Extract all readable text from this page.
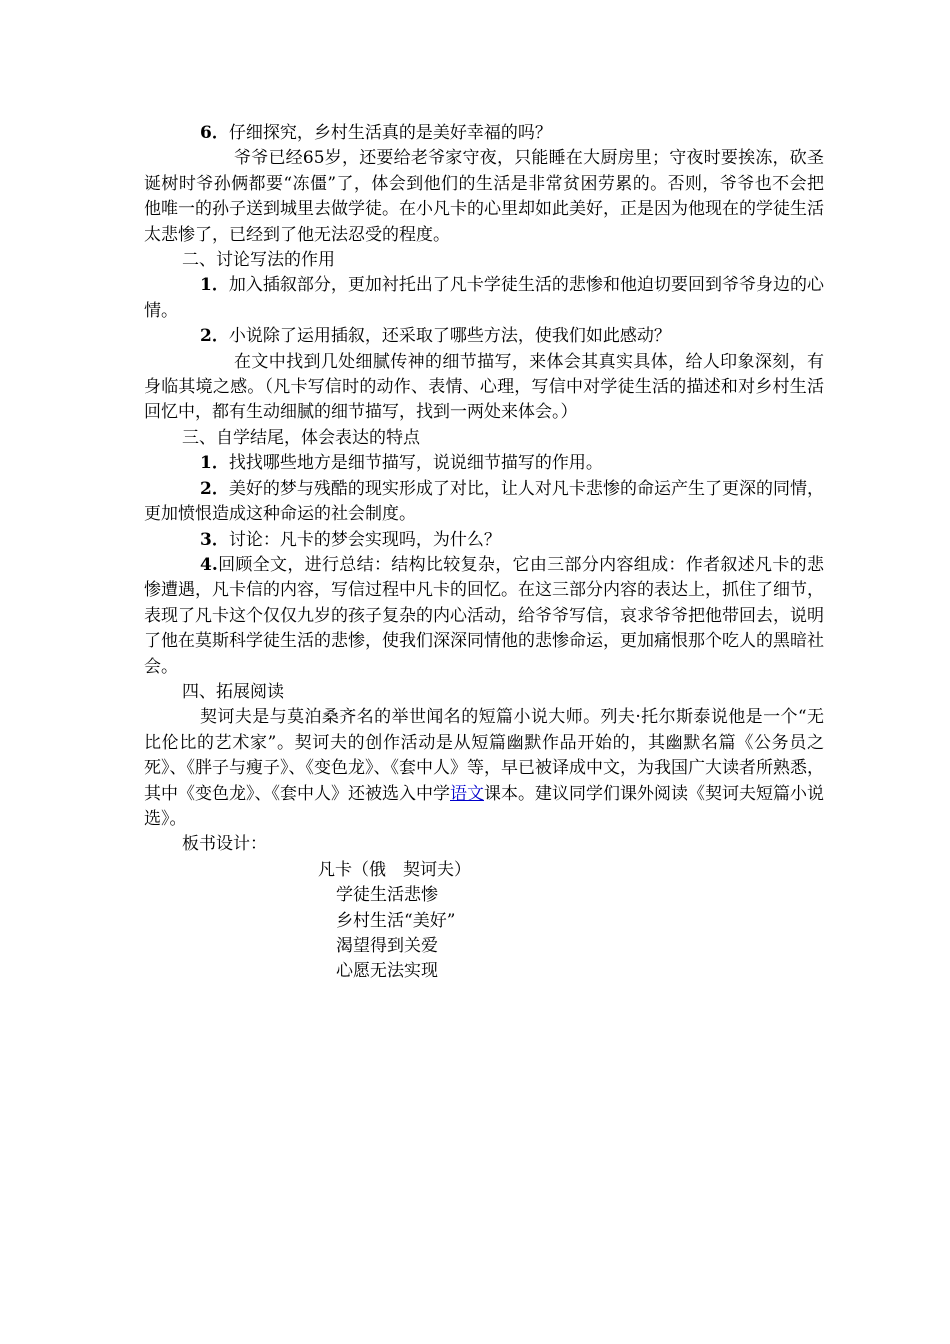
6．仔细探究，乡村生活真的是美好幸福的吗？

爷爷已经65岁，还要给老爷家守夜，只能睡在大厨房里；守夜时要挨冻，砍圣诞树时爷孙俩都要“冻僵”了，体会到他们的生活是非常贫困劳累的。否则，爷爷也不会把他唯一的孙子送到城里去做学徒。在小凡卡的心里却如此美好，正是因为他现在的学徒生活太悲惨了，已经到了他无法忍受的程度。

二、讨论写法的作用

1．加入插叙部分，更加衬托出了凡卡学徒生活的悲惨和他迫切要回到爷爷身边的心情。

2．小说除了运用插叙，还采取了哪些方法，使我们如此感动？

在文中找到几处细腻传神的细节描写，来体会其真实具体，给人印象深刻，有身临其境之感。（凡卡写信时的动作、表情、心理，写信中对学徒生活的描述和对乡村生活回忆中，都有生动细腻的细节描写，找到一两处来体会。）

三、自学结尾，体会表达的特点

1．找找哪些地方是细节描写，说说细节描写的作用。

2．美好的梦与残酷的现实形成了对比，让人对凡卡悲惨的命运产生了更深的同情，更加愤恨造成这种命运的社会制度。

3．讨论：凡卡的梦会实现吗，为什么？

4.回顾全文，进行总结：结构比较复杂，它由三部分内容组成：作者叙述凡卡的悲惨遭遇，凡卡信的内容，写信过程中凡卡的回忆。在这三部分内容的表达上，抓住了细节，表现了凡卡这个仅仅九岁的孩子复杂的内心活动，给爷爷写信，哀求爷爷把他带回去，说明了他在莫斯科学徒生活的悲惨，使我们深深同情他的悲惨命运，更加痛恨那个吃人的黑暗社会。

四、拓展阅读

契诃夫是与莫泊桑齐名的举世闻名的短篇小说大师。列夫·托尔斯泰说他是一个“无比伦比的艺术家”。契诃夫的创作活动是从短篇幽默作品开始的，其幽默名篇《公务员之死》、《胖子与瘦子》、《变色龙》、《套中人》等，早已被译成中文，为我国广大读者所熟悉，其中《变色龙》、《套中人》还被选入中学语文课本。建议同学们课外阅读《契诃夫短篇小说选》。

板书设计：

凡卡（俄　契诃夫）

学徒生活悲惨

乡村生活“美好”

渴望得到关爱

心愿无法实现
